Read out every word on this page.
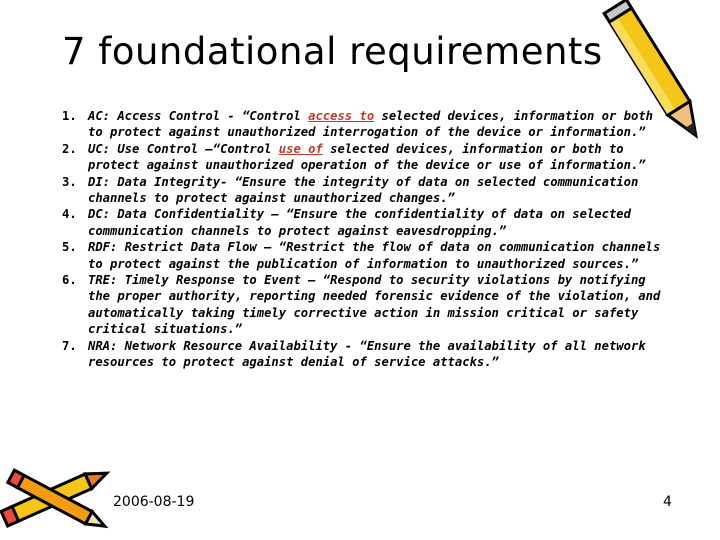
7 foundational requirements
1. AC: Access Control - “Control access to selected devices, information or both to protect against unauthorized interrogation of the device or information.”
2. UC: Use Control –“Control use of selected devices, information or both to protect against unauthorized operation of the device or use of information.”
3. DI: Data Integrity- “Ensure the integrity of data on selected communication channels to protect against unauthorized changes.”
4. DC: Data Confidentiality – “Ensure the confidentiality of data on selected communication channels to protect against eavesdropping.”
5. RDF: Restrict Data Flow – “Restrict the flow of data on communication channels to protect against the publication of information to unauthorized sources.”
6. TRE: Timely Response to Event – “Respond to security violations by notifying the proper authority, reporting needed forensic evidence of the violation, and automatically taking timely corrective action in mission critical or safety critical situations.”
7. NRA: Network Resource Availability - “Ensure the availability of all network resources to protect against denial of service attacks.”
2006-08-19	4
